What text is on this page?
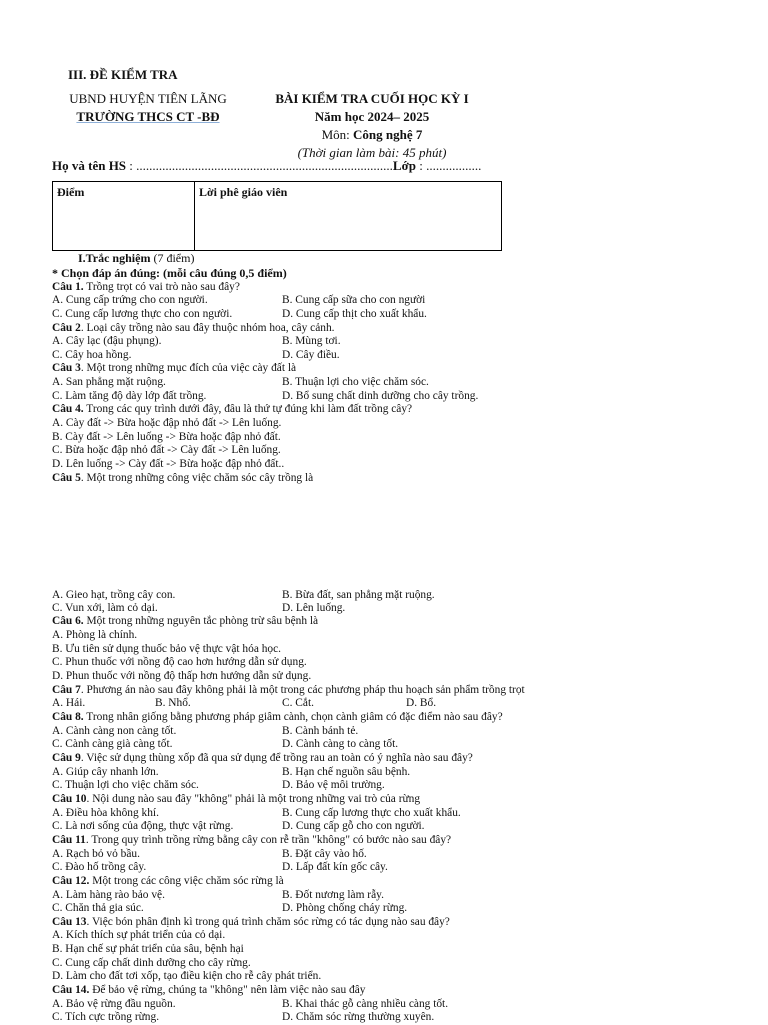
III. ĐỀ KIỂM TRA
UBND HUYỆN TIÊN LÃNG
TRƯỜNG THCS CT -BĐ
BÀI KIỂM TRA CUỐI HỌC KỲ I
Năm học 2024– 2025
Môn: Công nghệ 7
(Thời gian làm bài: 45 phút)
Họ và tên HS : ...............................................................................Lớp : .................
Điểm	Lời phê giáo viên
I.Trắc nghiệm (7 điểm)
* Chọn đáp án đúng: (mỗi câu đúng 0,5 điểm)
Câu 1. Trồng trọt có vai trò nào sau đây?
A. Cung cấp trứng cho con người.	B. Cung cấp sữa cho con người
C. Cung cấp lương thực cho con người.	D. Cung cấp thịt cho xuất khẩu.
Câu 2. Loại cây trồng nào sau đây thuộc nhóm hoa, cây cảnh.
A. Cây lạc (đậu phụng).	B. Mùng tơi.
C. Cây hoa hồng.	D. Cây điều.
Câu 3. Một trong những mục đích của việc cày đất là
A. San phẳng mặt ruộng.	B. Thuận lợi cho việc chăm sóc.
C. Làm tăng độ dày lớp đất trồng.	D. Bổ sung chất dinh dưỡng cho cây trồng.
Câu 4. Trong các quy trình dưới đây, đâu là thứ tự đúng khi làm đất trồng cây?
A. Cày đất -> Bừa hoặc đập nhỏ đất -> Lên luống.
B. Cày đất -> Lên luống -> Bừa hoặc đập nhỏ đất.
C. Bừa hoặc đập nhỏ đất -> Cày đất -> Lên luống.
D. Lên luống -> Cày đất -> Bừa hoặc đập nhỏ đất..
Câu 5. Một trong những công việc chăm sóc cây trồng là
A. Gieo hạt, trồng cây con.	B. Bừa đất, san phẳng mặt ruộng.
C. Vun xới, làm cỏ dại.	D. Lên luống.
Câu 6. Một trong những nguyên tắc phòng trừ sâu bệnh là
A. Phòng là chính.
B. Ưu tiên sử dụng thuốc bảo vệ thực vật hóa học.
C. Phun thuốc với nồng độ cao hơn hướng dẫn sử dụng.
D. Phun thuốc với nồng độ thấp hơn hướng dẫn sử dụng.
Câu 7. Phương án nào sau đây không phải là một trong các phương pháp thu hoạch sản phẩm trồng trọt
A. Hái.	B. Nhổ.	C. Cắt.	D. Bổ.
Câu 8. Trong nhân giống bằng phương pháp giâm cành, chọn cành giâm có đặc điểm nào sau đây?
A. Cành càng non càng tốt.	B. Cành bánh tẻ.
C. Cành càng già càng tốt.	D. Cành càng to càng tốt.
Câu 9. Việc sử dụng thùng xốp đã qua sử dụng để trồng rau an toàn có ý nghĩa nào sau đây?
A. Giúp cây nhanh lớn.	B. Hạn chế nguồn sâu bệnh.
C. Thuận lợi cho việc chăm sóc.	D. Bảo vệ môi trường.
Câu 10. Nội dung nào sau đây "không" phải là một trong những vai trò của rừng
A. Điều hòa không khí.	B. Cung cấp lương thực cho xuất khẩu.
C. Là nơi sống của động, thực vật rừng.	D. Cung cấp gỗ cho con người.
Câu 11. Trong quy trình trồng rừng bằng cây con rễ trần "không" có bước nào sau đây?
A. Rạch bỏ vỏ bầu.	B. Đặt cây vào hố.
C. Đào hố trồng cây.	D. Lấp đất kín gốc cây.
Câu 12. Một trong các công việc chăm sóc rừng là
A. Làm hàng rào bảo vệ.	B. Đốt nương làm rẫy.
C. Chăn thả gia súc.	D. Phòng chống cháy rừng.
Câu 13. Việc bón phân định kì trong quá trình chăm sóc rừng có tác dụng nào sau đây?
A. Kích thích sự phát triển của cỏ dại.
B. Hạn chế sự phát triển của sâu, bệnh hại
C. Cung cấp chất dinh dưỡng cho cây rừng.
D. Làm cho đất tơi xốp, tạo điều kiện cho rễ cây phát triển.
Câu 14. Để bảo vệ rừng, chúng ta "không" nên làm việc nào sau đây
A. Bảo vệ rừng đầu nguồn.	B. Khai thác gỗ càng nhiều càng tốt.
C. Tích cực trồng rừng.	D. Chăm sóc rừng thường xuyên.
